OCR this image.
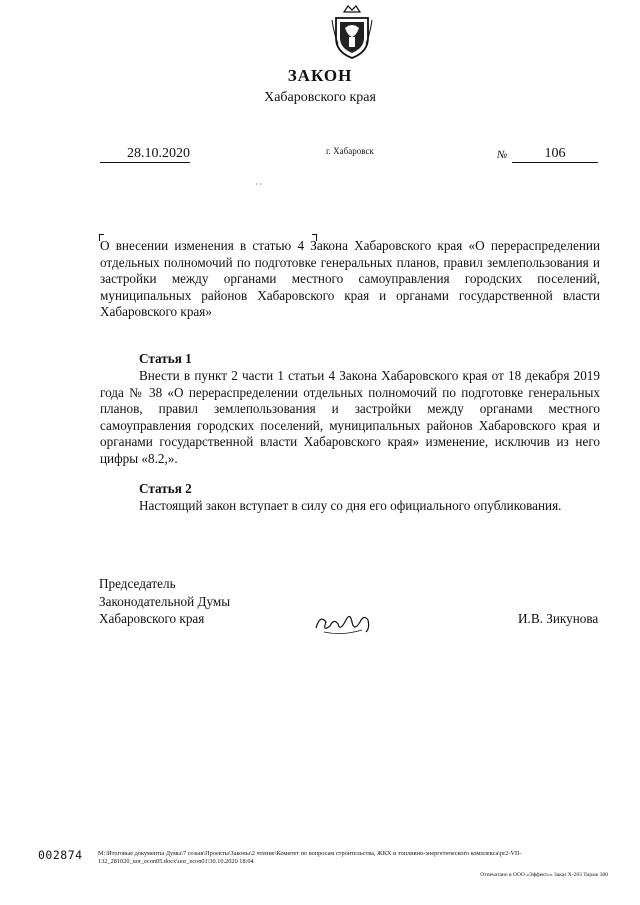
ЗАКОН
Хабаровского края
28.10.2020	г. Хабаровск	№	106
· ·
О внесении изменения в статью 4 Закона Хабаровского края «О перераспределении отдельных полномочий по подготовке генеральных планов, правил землепользования и застройки между органами местного самоуправления городских поселений, муниципальных районов Хабаровского края и органами государственной власти Хабаровского края»
Статья 1
Внести в пункт 2 части 1 статьи 4 Закона Хабаровского края от 18 декабря 2019 года № 38 «О перераспределении отдельных полномочий по подготовке генеральных планов, правил землепользования и застройки между органами местного самоуправления городских поселений, муниципальных районов Хабаровского края и органами государственной власти Хабаровского края» изменение, исключив из него цифры «8.2,».
Статья 2
Настоящий закон вступает в силу со дня его официального опубликования.
Председатель
Законодательной Думы
Хабаровского края	И.В. Зикунова
002874 M:\Итоговые документы Думы\7 созыв\Проекты\Законы\2 чтение\Комитет по вопросам строительства, ЖКХ и топливно-энергетического комплекса\pr2-VII-132_281020_uor_econ05.docx\uor_econ01\30.10.2020 18:04
Отпечатано в ООО «Эффект»» Заказ Х-203 Тираж 300
